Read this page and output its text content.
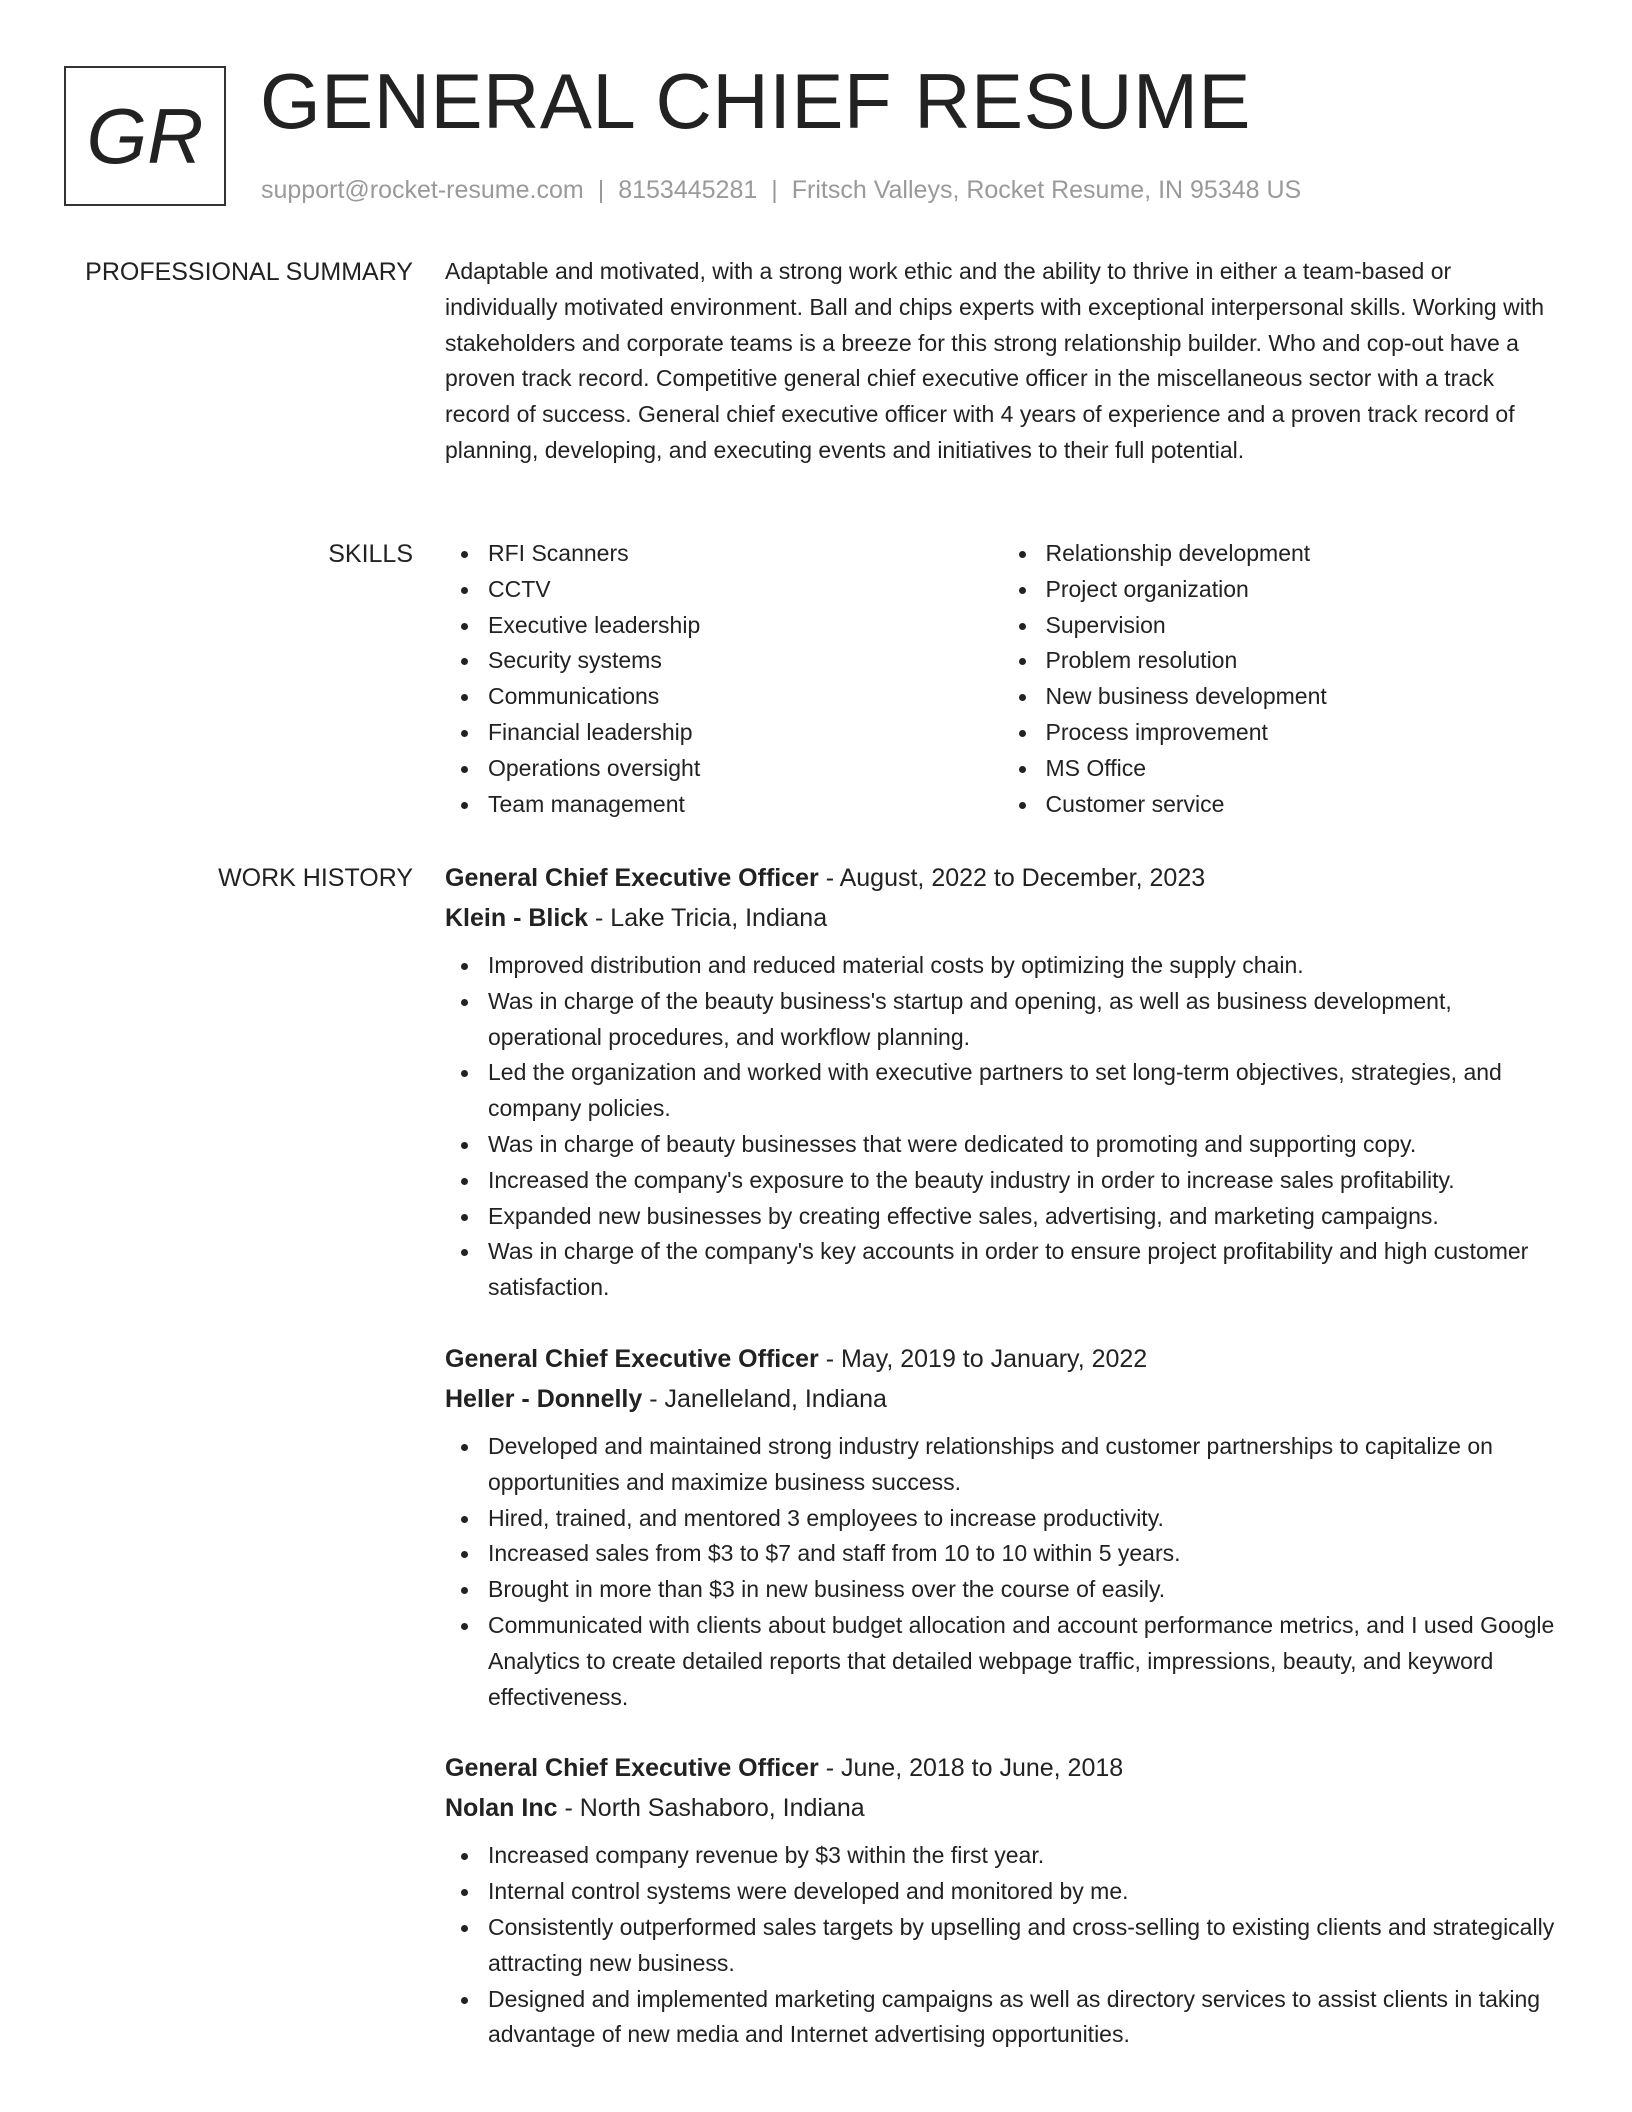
GR GENERAL CHIEF RESUME
support@rocket-resume.com | 8153445281 | Fritsch Valleys, Rocket Resume, IN 95348 US
PROFESSIONAL SUMMARY Adaptable and motivated, with a strong work ethic and the ability to thrive in either a team-based or individually motivated environment. Ball and chips experts with exceptional interpersonal skills. Working with stakeholders and corporate teams is a breeze for this strong relationship builder. Who and cop-out have a proven track record. Competitive general chief executive officer in the miscellaneous sector with a track record of success. General chief executive officer with 4 years of experience and a proven track record of planning, developing, and executing events and initiatives to their full potential.

SKILLS	RFI Scanners
CCTV
Executive leadership
Security systems
Communications
Financial leadership
Operations oversight
Team management
Relationship development
Project organization
Supervision
Problem resolution
New business development
Process improvement
MS Office
Customer service
WORK HISTORY General Chief Executive Officer - August, 2022 to December, 2023
Klein - Blick - Lake Tricia, Indiana
Improved distribution and reduced material costs by optimizing the supply chain.
Was in charge of the beauty business's startup and opening, as well as business development, operational procedures, and workflow planning.
Led the organization and worked with executive partners to set long-term objectives, strategies, and company policies.
Was in charge of beauty businesses that were dedicated to promoting and supporting copy.
Increased the company's exposure to the beauty industry in order to increase sales profitability.
Expanded new businesses by creating effective sales, advertising, and marketing campaigns.
Was in charge of the company's key accounts in order to ensure project profitability and high customer satisfaction.
General Chief Executive Officer - May, 2019 to January, 2022
Heller - Donnelly - Janelleland, Indiana
Developed and maintained strong industry relationships and customer partnerships to capitalize on opportunities and maximize business success.
Hired, trained, and mentored 3 employees to increase productivity.
Increased sales from $3 to $7 and staff from 10 to 10 within 5 years.
Brought in more than $3 in new business over the course of easily.
Communicated with clients about budget allocation and account performance metrics, and I used Google Analytics to create detailed reports that detailed webpage traffic, impressions, beauty, and keyword effectiveness.
General Chief Executive Officer - June, 2018 to June, 2018
Nolan Inc - North Sashaboro, Indiana
Increased company revenue by $3 within the first year.
Internal control systems were developed and monitored by me.
Consistently outperformed sales targets by upselling and cross-selling to existing clients and strategically attracting new business.
Designed and implemented marketing campaigns as well as directory services to assist clients in taking advantage of new media and Internet advertising opportunities.
